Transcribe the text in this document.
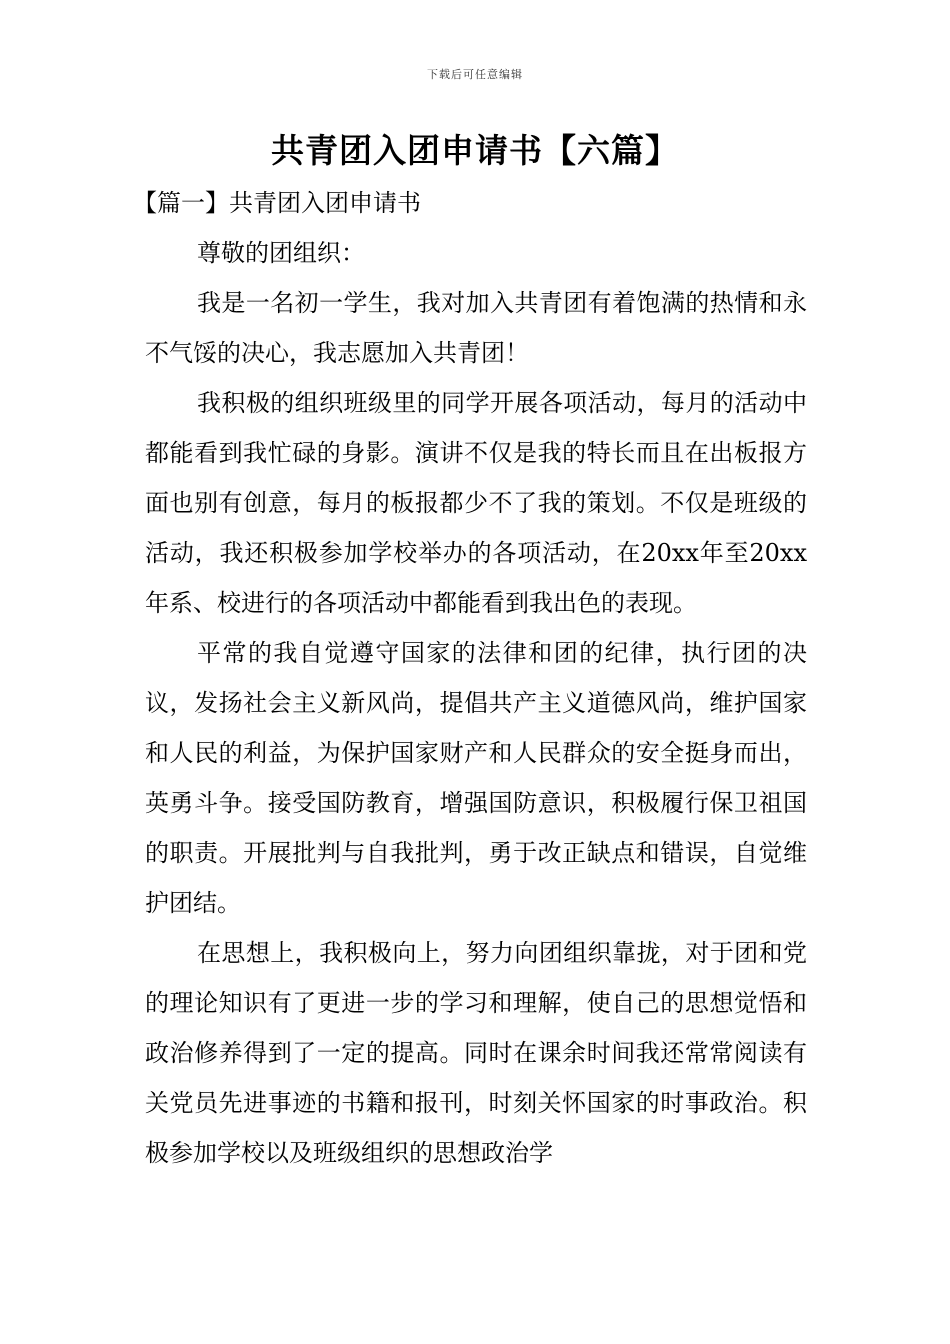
下载后可任意编辑
共青团入团申请书【六篇】

【篇一】共青团入团申请书

尊敬的团组织：

我是一名初一学生，我对加入共青团有着饱满的热情和永不气馁的决心，我志愿加入共青团！

我积极的组织班级里的同学开展各项活动，每月的活动中都能看到我忙碌的身影。演讲不仅是我的特长而且在出板报方面也别有创意，每月的板报都少不了我的策划。不仅是班级的活动，我还积极参加学校举办的各项活动，在20xx年至20xx年系、校进行的各项活动中都能看到我出色的表现。

平常的我自觉遵守国家的法律和团的纪律，执行团的决议，发扬社会主义新风尚，提倡共产主义道德风尚，维护国家和人民的利益，为保护国家财产和人民群众的安全挺身而出，英勇斗争。接受国防教育，增强国防意识，积极履行保卫祖国的职责。开展批判与自我批判，勇于改正缺点和错误，自觉维护团结。

在思想上，我积极向上，努力向团组织靠拢，对于团和党的理论知识有了更进一步的学习和理解，使自己的思想觉悟和政治修养得到了一定的提高。同时在课余时间我还常常阅读有关党员先进事迹的书籍和报刊，时刻关怀国家的时事政治。积极参加学校以及班级组织的思想政治学
